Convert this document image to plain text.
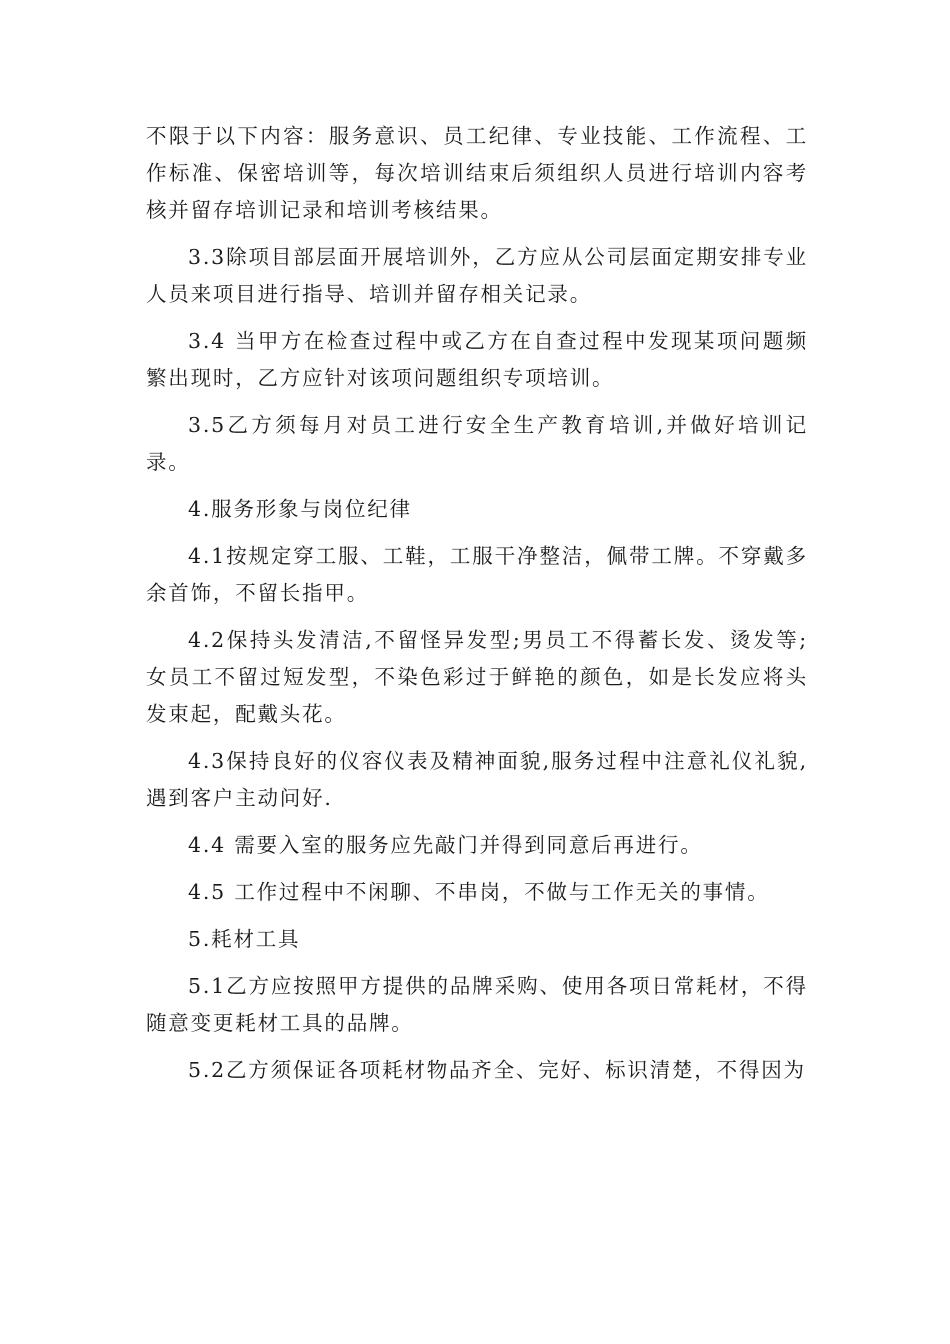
不限于以下内容：服务意识、员工纪律、专业技能、工作流程、工作标准、保密培训等，每次培训结束后须组织人员进行培训内容考核并留存培训记录和培训考核结果。

3.3除项目部层面开展培训外，乙方应从公司层面定期安排专业人员来项目进行指导、培训并留存相关记录。

3.4 当甲方在检查过程中或乙方在自查过程中发现某项问题频繁出现时，乙方应针对该项问题组织专项培训。

3.5乙方须每月对员工进行安全生产教育培训,并做好培训记录。

4.服务形象与岗位纪律

4.1按规定穿工服、工鞋，工服干净整洁，佩带工牌。不穿戴多余首饰，不留长指甲。

4.2保持头发清洁,不留怪异发型;男员工不得蓄长发、烫发等;女员工不留过短发型，不染色彩过于鲜艳的颜色，如是长发应将头发束起，配戴头花。

4.3保持良好的仪容仪表及精神面貌,服务过程中注意礼仪礼貌,遇到客户主动问好.

4.4 需要入室的服务应先敲门并得到同意后再进行。

4.5 工作过程中不闲聊、不串岗，不做与工作无关的事情。

5.耗材工具

5.1乙方应按照甲方提供的品牌采购、使用各项日常耗材，不得随意变更耗材工具的品牌。

5.2乙方须保证各项耗材物品齐全、完好、标识清楚，不得因为
